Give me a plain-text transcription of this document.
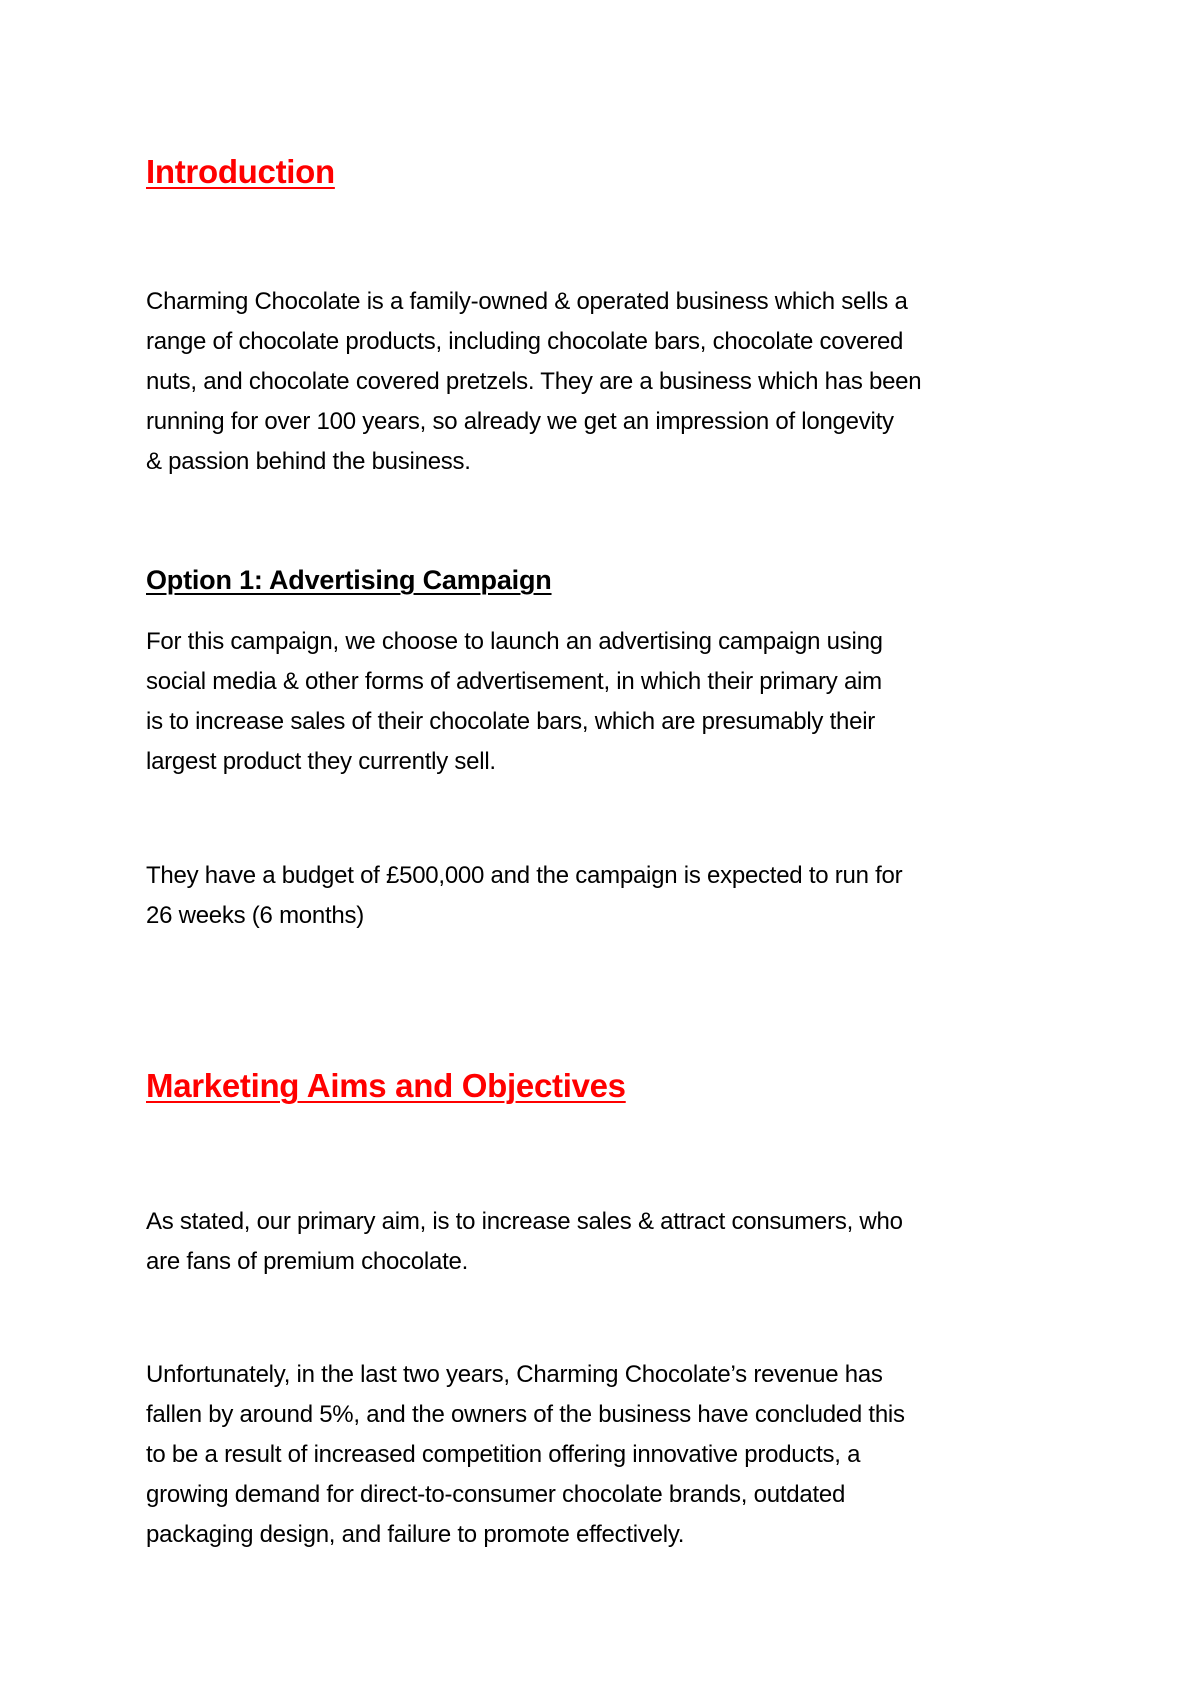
Introduction

Charming Chocolate is a family-owned & operated business which sells a
range of chocolate products, including chocolate bars, chocolate covered
nuts, and chocolate covered pretzels. They are a business which has been
running for over 100 years, so already we get an impression of longevity
& passion behind the business.

Option 1: Advertising Campaign

For this campaign, we choose to launch an advertising campaign using
social media & other forms of advertisement, in which their primary aim
is to increase sales of their chocolate bars, which are presumably their
largest product they currently sell.

They have a budget of £500,000 and the campaign is expected to run for
26 weeks (6 months)

Marketing Aims and Objectives

As stated, our primary aim, is to increase sales & attract consumers, who
are fans of premium chocolate.

Unfortunately, in the last two years, Charming Chocolate’s revenue has
fallen by around 5%, and the owners of the business have concluded this
to be a result of increased competition offering innovative products, a
growing demand for direct-to-consumer chocolate brands, outdated
packaging design, and failure to promote effectively.
